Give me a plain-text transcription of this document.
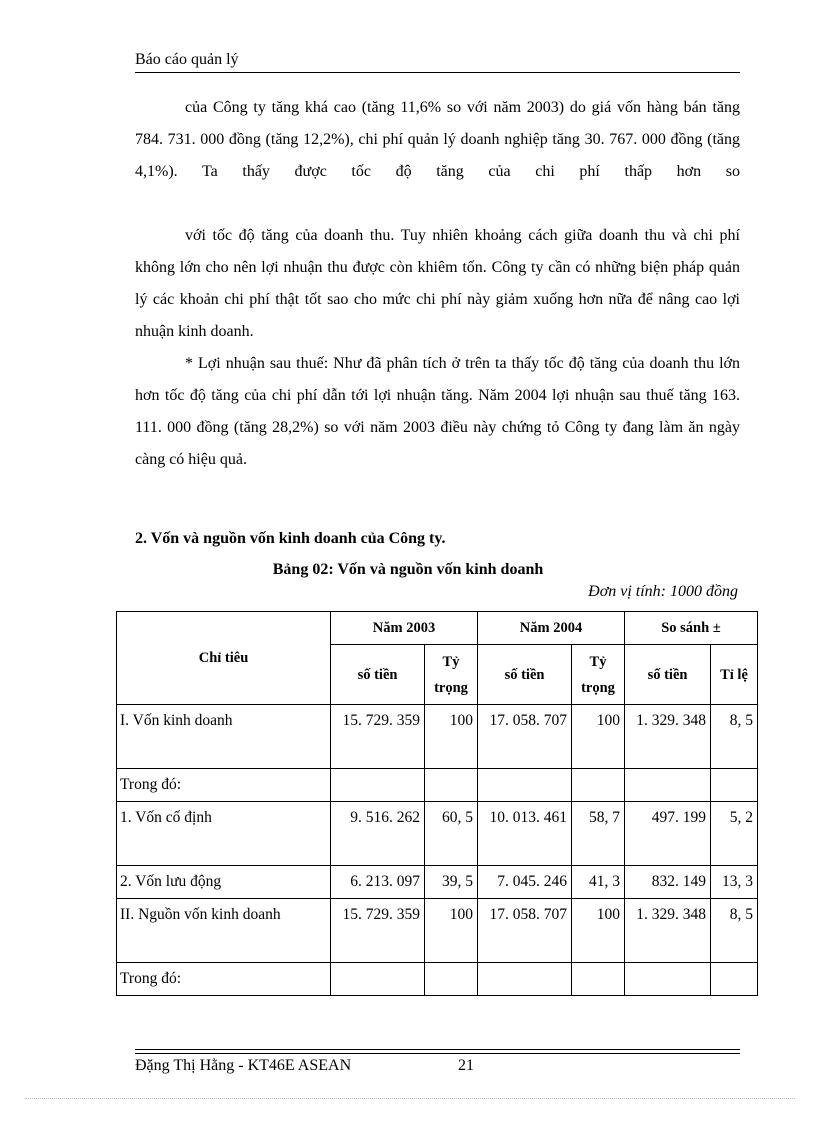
Báo cáo quản lý

của Công ty tăng khá cao (tăng 11,6% so với năm 2003) do giá vốn hàng bán tăng 784. 731. 000 đồng (tăng 12,2%), chi phí quản lý doanh nghiệp tăng 30. 767. 000 đồng (tăng 4,1%). Ta thấy được tốc độ tăng của chi phí thấp hơn so

với tốc độ tăng của doanh thu. Tuy nhiên khoảng cách giữa doanh thu và chi phí không lớn cho nên lợi nhuận thu được còn khiêm tốn. Công ty cần có những biện pháp quản lý các khoản chi phí thật tốt sao cho mức chi phí này giảm xuống hơn nữa để nâng cao lợi nhuận kinh doanh.

* Lợi nhuận sau thuế: Như đã phân tích ở trên ta thấy tốc độ tăng của doanh thu lớn hơn tốc độ tăng của chi phí dẫn tới lợi nhuận tăng. Năm 2004 lợi nhuận sau thuế tăng 163. 111. 000 đồng (tăng 28,2%) so với năm 2003 điều này chứng tỏ Công ty đang làm ăn ngày càng có hiệu quả.

2. Vốn và nguồn vốn kinh doanh của Công ty.
Bảng 02: Vốn và nguồn vốn kinh doanh
Đơn vị tính: 1000 đồng
Chỉ tiêu	Năm 2003		Năm 2004		So sánh ±	
	số tiền	Tỷ trọng	số tiền	Tỷ trọng	số tiền	Tỉ lệ
I. Vốn kinh doanh	15. 729. 359	100	17. 058. 707	100	1. 329. 348	8, 5
Trong đó:						
1. Vốn cố định	9. 516. 262	60, 5	10. 013. 461	58, 7	497. 199	5, 2
2. Vốn lưu động	6. 213. 097	39, 5	7. 045. 246	41, 3	832. 149	13, 3
II. Nguồn vốn kinh doanh	15. 729. 359	100	17. 058. 707	100	1. 329. 348	8, 5
Trong đó:						
Đặng Thị Hằng - KT46E ASEAN	21
